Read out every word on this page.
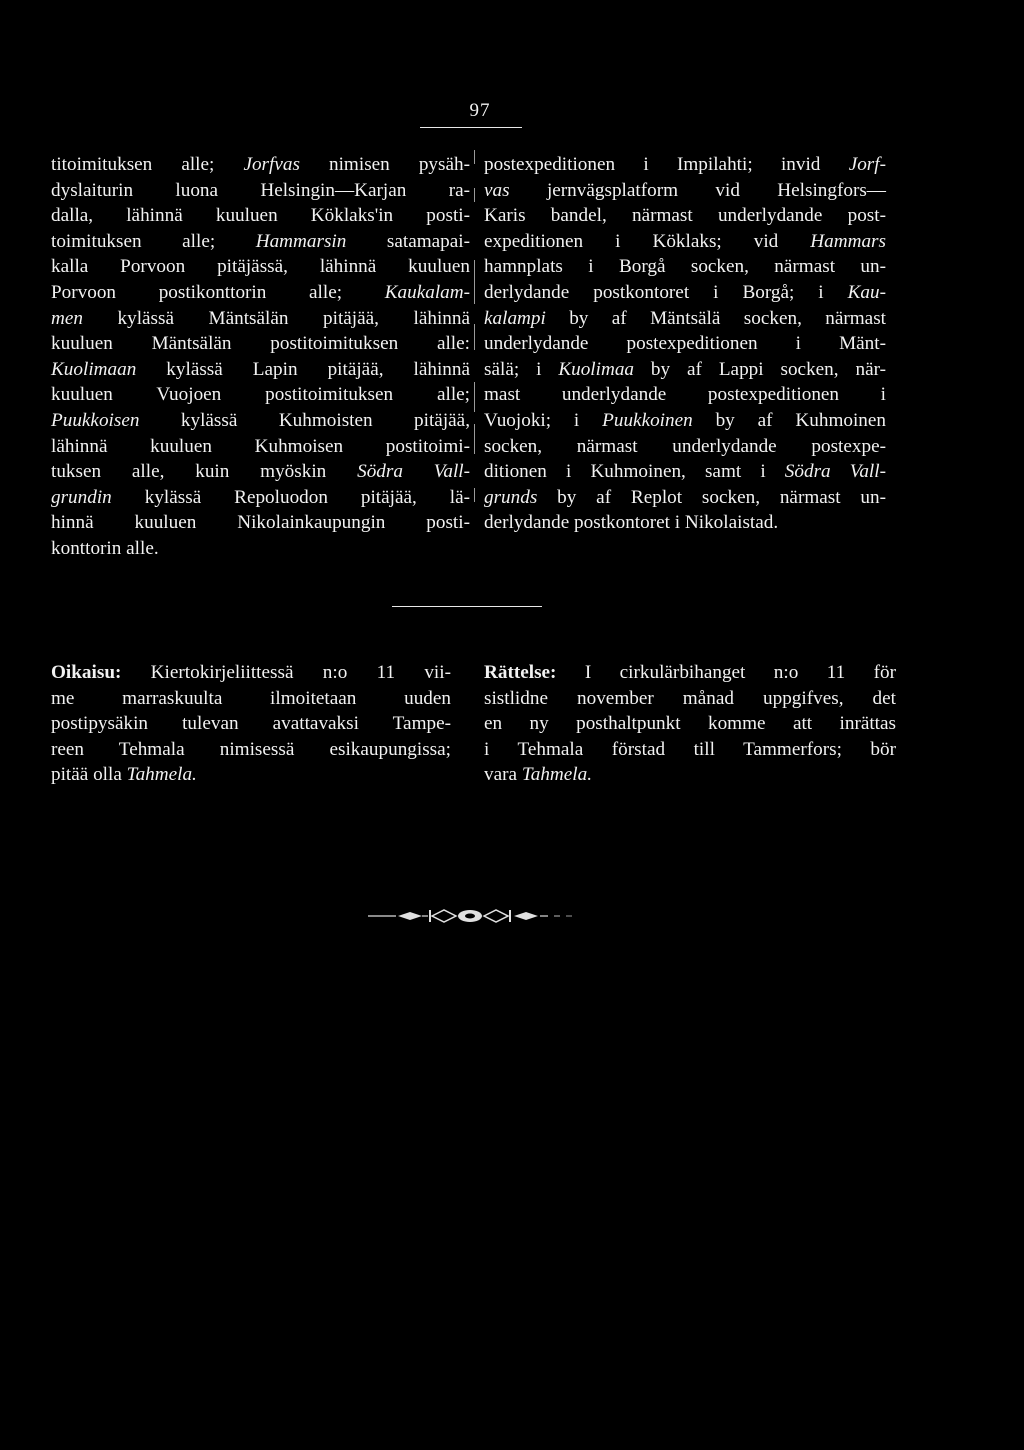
97
titoimituksen alle; Jorfvas nimisen pysäh-
dyslaiturin luona Helsingin—Karjan ra-
dalla, lähinnä kuuluen Köklaks'in posti-
toimituksen alle; Hammarsin satamapai-
kalla Porvoon pitäjässä, lähinnä kuuluen
Porvoon postikonttorin alle; Kaukalam-
men kylässä Mäntsälän pitäjää, lähinnä
kuuluen Mäntsälän postitoimituksen alle:
Kuolimaan kylässä Lapin pitäjää, lähinnä
kuuluen Vuojoen postitoimituksen alle;
Puukkoisen kylässä Kuhmoisten pitäjää,
lähinnä kuuluen Kuhmoisen postitoimi-
tuksen alle, kuin myöskin Södra Vall-
grundin kylässä Repoluodon pitäjää, lä-
hinnä kuuluen Nikolainkaupungin posti-
konttorin alle.
postexpeditionen i Impilahti; invid Jorf-
vas jernvägsplatform vid Helsingfors—
Karis bandel, närmast underlydande post-
expeditionen i Köklaks; vid Hammars
hamnplats i Borgå socken, närmast un-
derlydande postkontoret i Borgå; i Kau-
kalampi by af Mäntsälä socken, närmast
underlydande postexpeditionen i Mänt-
sälä; i Kuolimaa by af Lappi socken, när-
mast underlydande postexpeditionen i
Vuojoki; i Puukkoinen by af Kuhmoinen
socken, närmast underlydande postexpe-
ditionen i Kuhmoinen, samt i Södra Vall-
grunds by af Replot socken, närmast un-
derlydande postkontoret i Nikolaistad.
Oikaisu: Kiertokirjeliittessä n:o 11 vii-
me marraskuulta ilmoitetaan uuden
postipysäkin tulevan avattavaksi Tampe-
reen Tehmala nimisessä esikaupungissa;
pitää olla Tahmela.
Rättelse: I cirkulärbihanget n:o 11 för
sistlidne november månad uppgifves, det
en ny posthaltpunkt komme att inrättas
i Tehmala förstad till Tammerfors; bör
vara Tahmela.
